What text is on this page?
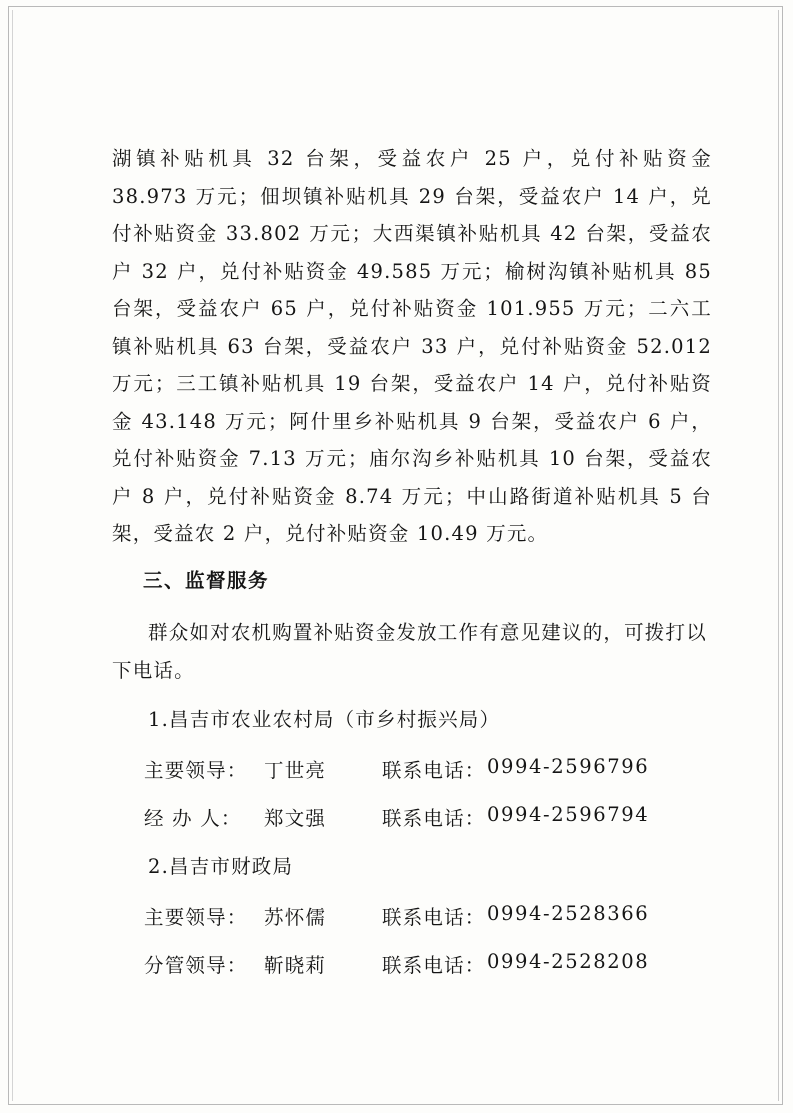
湖镇补贴机具 32 台架，受益农户 25 户，兑付补贴资金 38.973 万元；佃坝镇补贴机具 29 台架，受益农户 14 户，兑付补贴资金 33.802 万元；大西渠镇补贴机具 42 台架，受益农户 32 户，兑付补贴资金 49.585 万元；榆树沟镇补贴机具 85 台架，受益农户 65 户，兑付补贴资金 101.955 万元；二六工镇补贴机具 63 台架，受益农户 33 户，兑付补贴资金 52.012 万元；三工镇补贴机具 19 台架，受益农户 14 户，兑付补贴资金 43.148 万元；阿什里乡补贴机具 9 台架，受益农户 6 户，兑付补贴资金 7.13 万元；庙尔沟乡补贴机具 10 台架，受益农户 8 户，兑付补贴资金 8.74 万元；中山路街道补贴机具 5 台架，受益农 2 户，兑付补贴资金 10.49 万元。

三、监督服务

群众如对农机购置补贴资金发放工作有意见建议的，可拨打以下电话。

1.昌吉市农业农村局（市乡村振兴局）
主要领导： 丁世亮	联系电话： 0994-2596796
经 办 人： 郑文强	联系电话： 0994-2596794
2.昌吉市财政局
主要领导： 苏怀儒	联系电话： 0994-2528366
分管领导： 靳晓莉	联系电话： 0994-2528208
